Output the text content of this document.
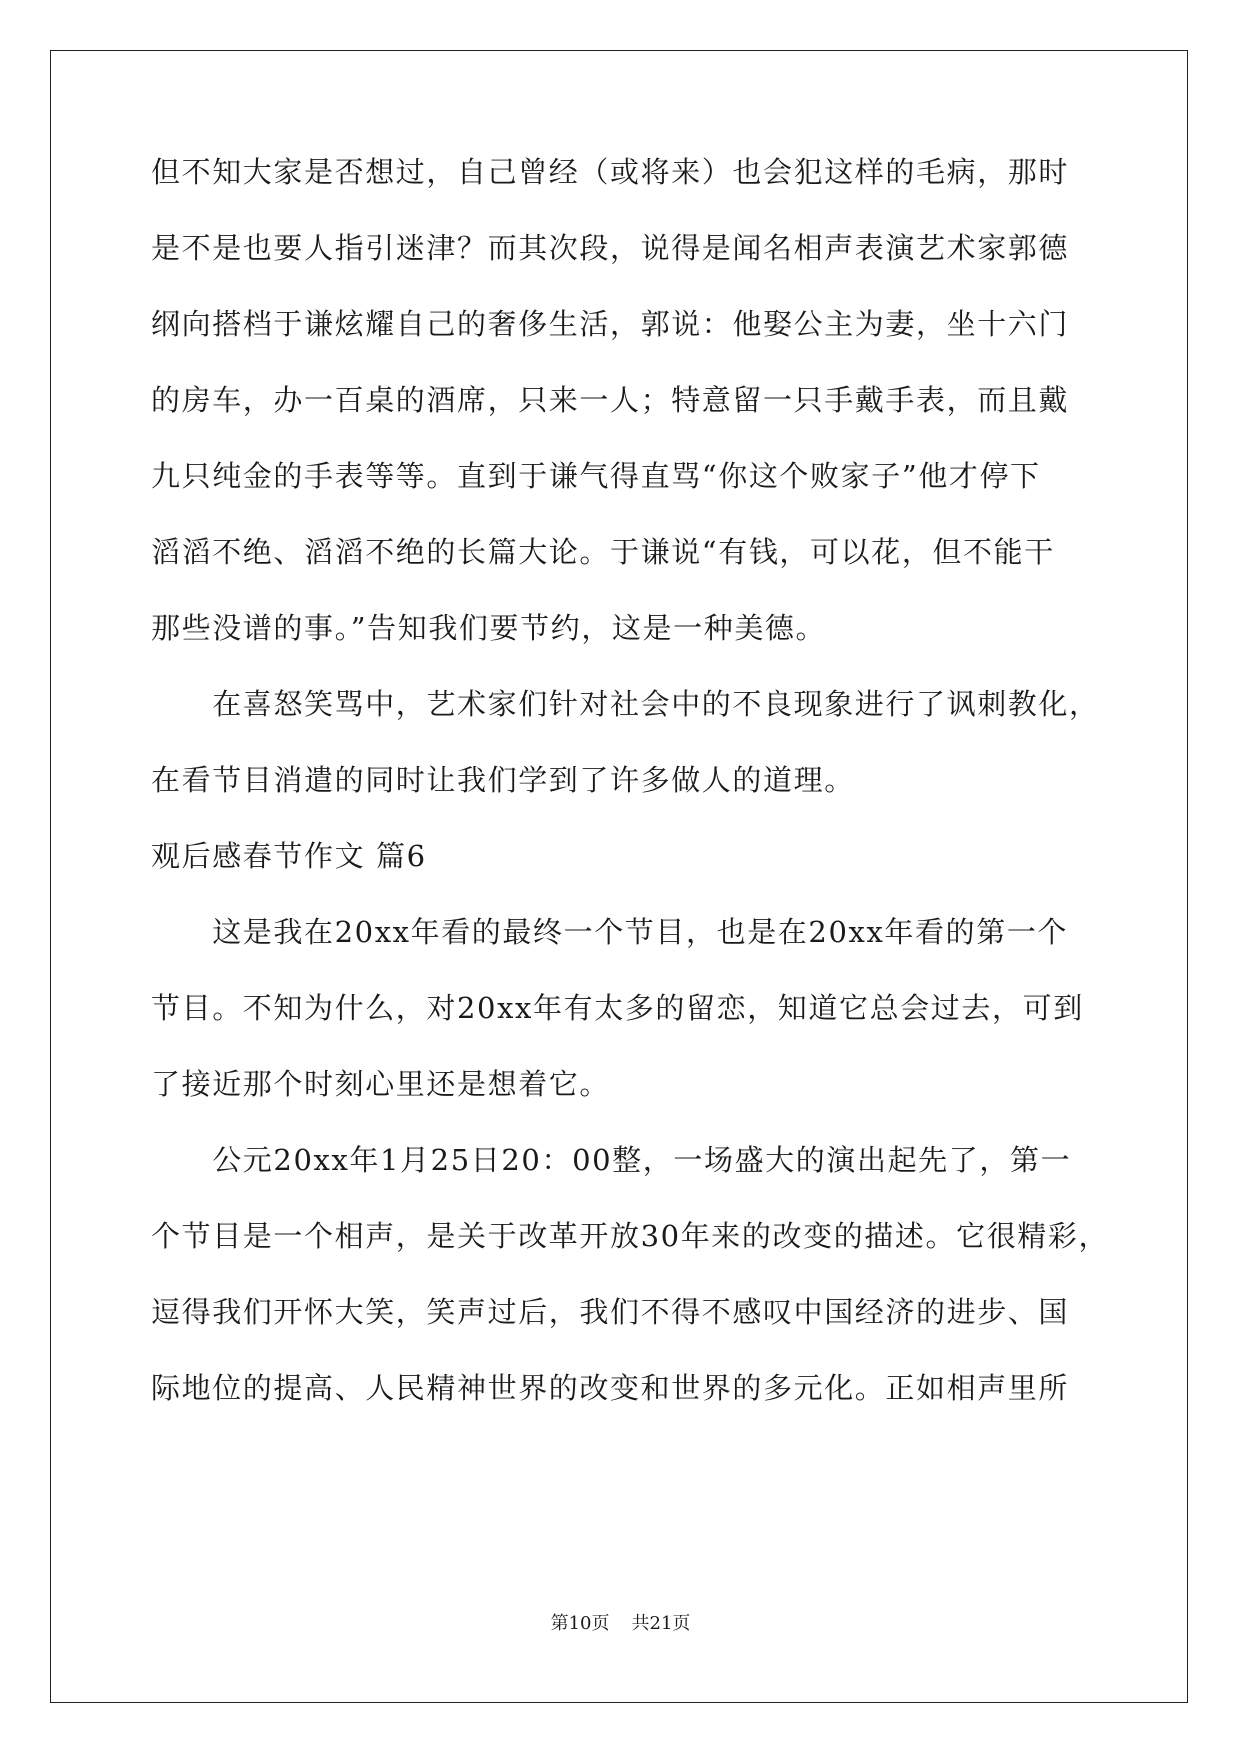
但不知大家是否想过，自己曾经（或将来）也会犯这样的毛病，那时
是不是也要人指引迷津？而其次段，说得是闻名相声表演艺术家郭德
纲向搭档于谦炫耀自己的奢侈生活，郭说：他娶公主为妻，坐十六门
的房车，办一百桌的酒席，只来一人；特意留一只手戴手表，而且戴
九只纯金的手表等等。直到于谦气得直骂“你这个败家子”他才停下
滔滔不绝、滔滔不绝的长篇大论。于谦说“有钱，可以花，但不能干
那些没谱的事。”告知我们要节约，这是一种美德。
　　在喜怒笑骂中，艺术家们针对社会中的不良现象进行了讽刺教化，
在看节目消遣的同时让我们学到了许多做人的道理。
观后感春节作文 篇6
　　这是我在20xx年看的最终一个节目，也是在20xx年看的第一个
节目。不知为什么，对20xx年有太多的留恋，知道它总会过去，可到
了接近那个时刻心里还是想着它。
　　公元20xx年1月25日20：00整，一场盛大的演出起先了，第一
个节目是一个相声，是关于改革开放30年来的改变的描述。它很精彩，
逗得我们开怀大笑，笑声过后，我们不得不感叹中国经济的进步、国
际地位的提高、人民精神世界的改变和世界的多元化。正如相声里所
第10页 共21页
